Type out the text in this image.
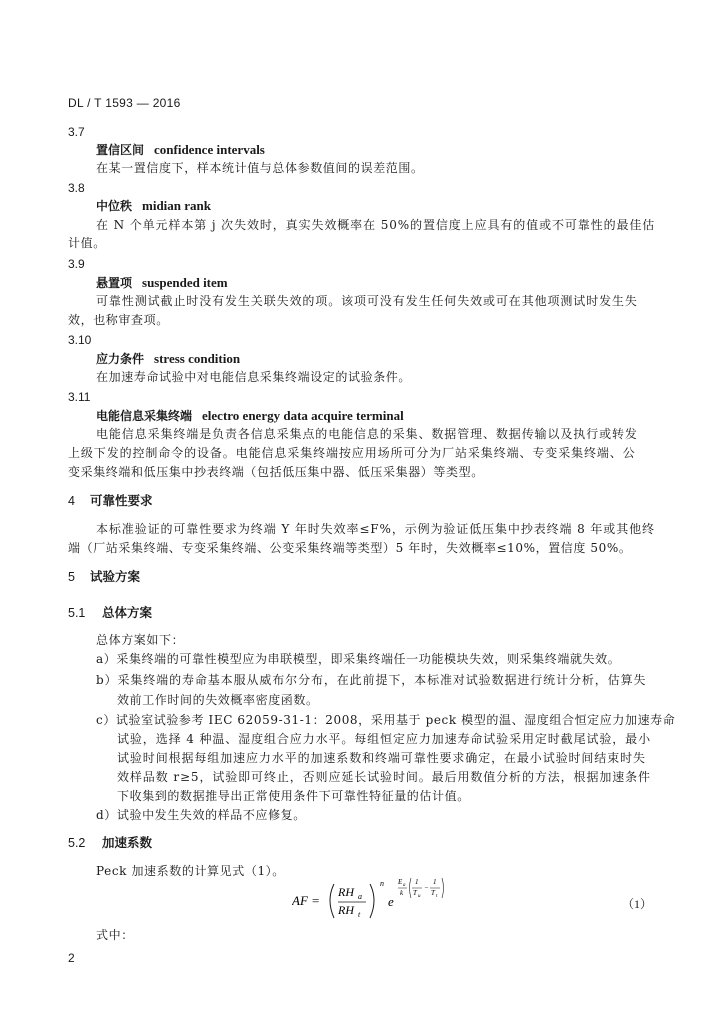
DL / T 1593 — 2016
3.7
置信区间 confidence intervals
在某一置信度下，样本统计值与总体参数值间的误差范围。
3.8
中位秩 midian rank
在 N 个单元样本第 j 次失效时，真实失效概率在 50%的置信度上应具有的值或不可靠性的最佳估
计值。
3.9
悬置项 suspended item
可靠性测试截止时没有发生关联失效的项。该项可没有发生任何失效或可在其他项测试时发生失
效，也称审查项。
3.10
应力条件 stress condition
在加速寿命试验中对电能信息采集终端设定的试验条件。
3.11
电能信息采集终端 electro energy data acquire terminal
电能信息采集终端是负责各信息采集点的电能信息的采集、数据管理、数据传输以及执行或转发
上级下发的控制命令的设备。电能信息采集终端按应用场所可分为厂站采集终端、专变采集终端、公
变采集终端和低压集中抄表终端（包括低压集中器、低压采集器）等类型。
4 可靠性要求
本标准验证的可靠性要求为终端 Y 年时失效率≤F%，示例为验证低压集中抄表终端 8 年或其他终
端（厂站采集终端、专变采集终端、公变采集终端等类型）5 年时，失效概率≤10%，置信度 50%。
5 试验方案
5.1 总体方案
总体方案如下：
a）采集终端的可靠性模型应为串联模型，即采集终端任一功能模块失效，则采集终端就失效。
b）采集终端的寿命基本服从威布尔分布，在此前提下，本标准对试验数据进行统计分析，估算失
效前工作时间的失效概率密度函数。
c）试验室试验参考 IEC 62059-31-1：2008，采用基于 peck 模型的温、湿度组合恒定应力加速寿命
试验，选择 4 种温、湿度组合应力水平。每组恒定应力加速寿命试验采用定时截尾试验，最小
试验时间根据每组加速应力水平的加速系数和终端可靠性要求确定，在最小试验时间结束时失
效样品数 r≥5，试验即可终止，否则应延长试验时间。最后用数值分析的方法，根据加速条件
下收集到的数据推导出正常使用条件下可靠性特征量的估计值。
d）试验中发生失效的样品不应修复。
5.2 加速系数
Peck 加速系数的计算见式（1）。
AF =
RH a
RH t
n
e
E a
k
1
T u
−
1
T t
（1）
式中：
2
